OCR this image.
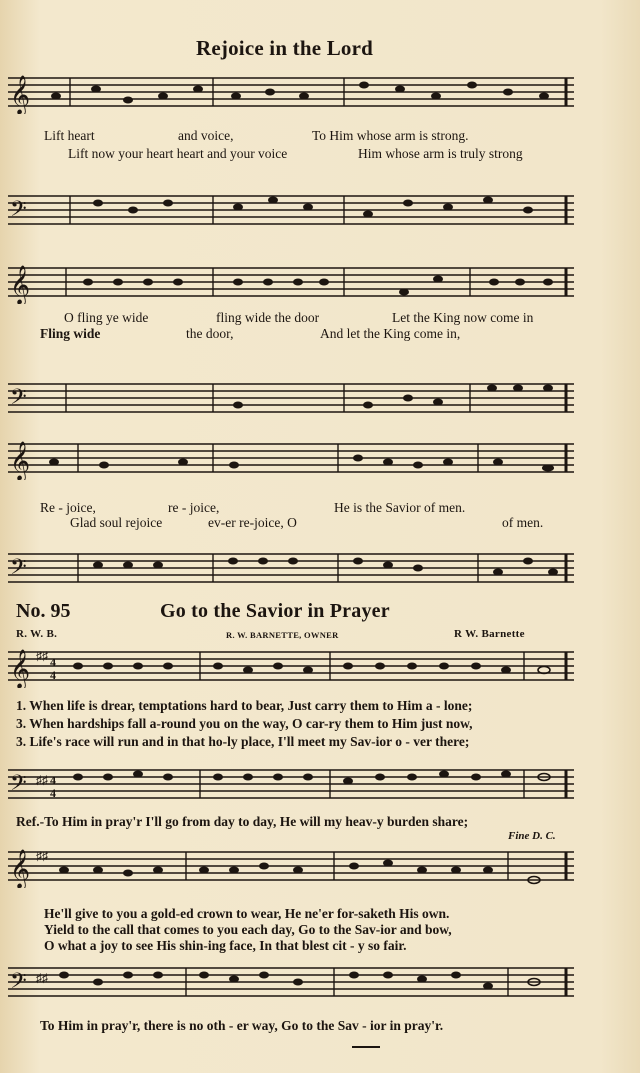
Rejoice in the Lord
𝄞
Lift heart	and voice,	To Him whose arm is strong.
Lift now your heart heart and your voice	Him whose arm is truly strong
𝄢
𝄞
O fling ye wide	fling wide the door	Let the King now come in
Fling wide	the door,	And let the King come in,
𝄢
𝄞
Re - joice,	re - joice,	He is the Savior of men.
Glad soul rejoice	ev-er re-joice, O	of men.
𝄢
No. 95	Go to the Savior in Prayer
R. W. B.	R. W. BARNETTE, OWNER	R W. Barnette
𝄞 ♯♯ 4
4
1. When life is drear, temptations hard to bear, Just carry them to Him a - lone;
3. When hardships fall a-round you on the way, O car-ry them to Him just now,
3. Life's race will run and in that ho-ly place, I'll meet my Sav-ior o - ver there;
𝄢 ♯♯ 4
4
Ref.-To Him in pray'r I'll go from day to day, He will my heav-y burden share;
Fine D. C.
𝄞 ♯♯
He'll give to you a gold-ed crown to wear, He ne'er for-saketh His own.
Yield to the call that comes to you each day, Go to the Sav-ior and bow,
O what a joy to see His shin-ing face, In that blest cit - y so fair.
𝄢 ♯♯
To Him in pray'r, there is no oth - er way, Go to the Sav - ior in pray'r.
